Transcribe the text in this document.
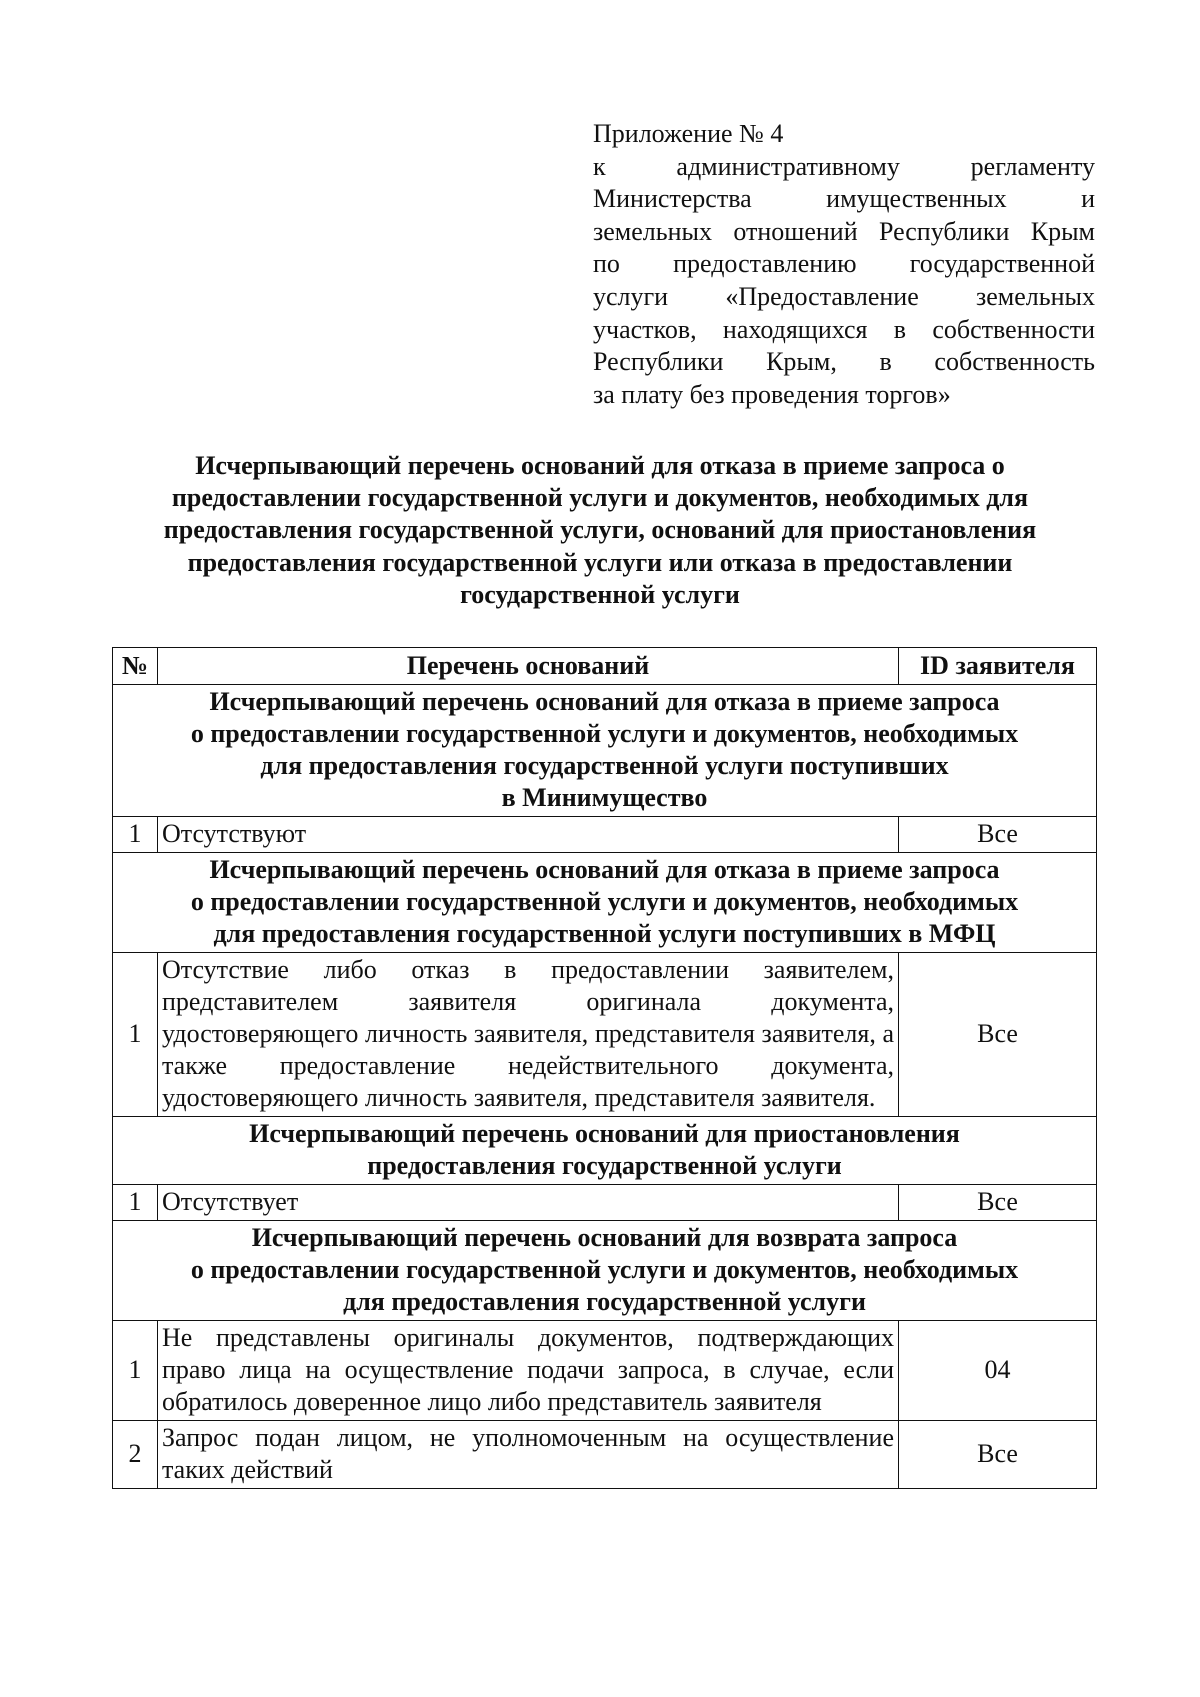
Приложение № 4
к административному регламенту
Министерства имущественных и
земельных отношений Республики Крым
по предоставлению государственной
услуги «Предоставление земельных
участков, находящихся в собственности
Республики Крым, в собственность
за плату без проведения торгов»
Исчерпывающий перечень оснований для отказа в приеме запроса о
предоставлении государственной услуги и документов, необходимых для
предоставления государственной услуги, оснований для приостановления
предоставления государственной услуги или отказа в предоставлении
государственной услуги
№	Перечень оснований	ID заявителя

Исчерпывающий перечень оснований для отказа в приеме запроса
о предоставлении государственной услуги и документов, необходимых
для предоставления государственной услуги поступивших
в Минимущество		

1	Отсутствуют	Все

Исчерпывающий перечень оснований для отказа в приеме запроса
о предоставлении государственной услуги и документов, необходимых
для предоставления государственной услуги поступивших в МФЦ		

1	Отсутствие либо отказ в предоставлении заявителем, представителем заявителя оригинала документа, удостоверяющего личность заявителя, представителя заявителя, а также предоставление недействительного документа, удостоверяющего личность заявителя, представителя заявителя.	Все

Исчерпывающий перечень оснований для приостановления
предоставления государственной услуги		

1	Отсутствует	Все

Исчерпывающий перечень оснований для возврата запроса
о предоставлении государственной услуги и документов, необходимых
для предоставления государственной услуги		

1	Не представлены оригиналы документов, подтверждающих право лица на осуществление подачи запроса, в случае, если обратилось доверенное лицо либо представитель заявителя	04
2	Запрос подан лицом, не уполномоченным на осуществление таких действий	Все
